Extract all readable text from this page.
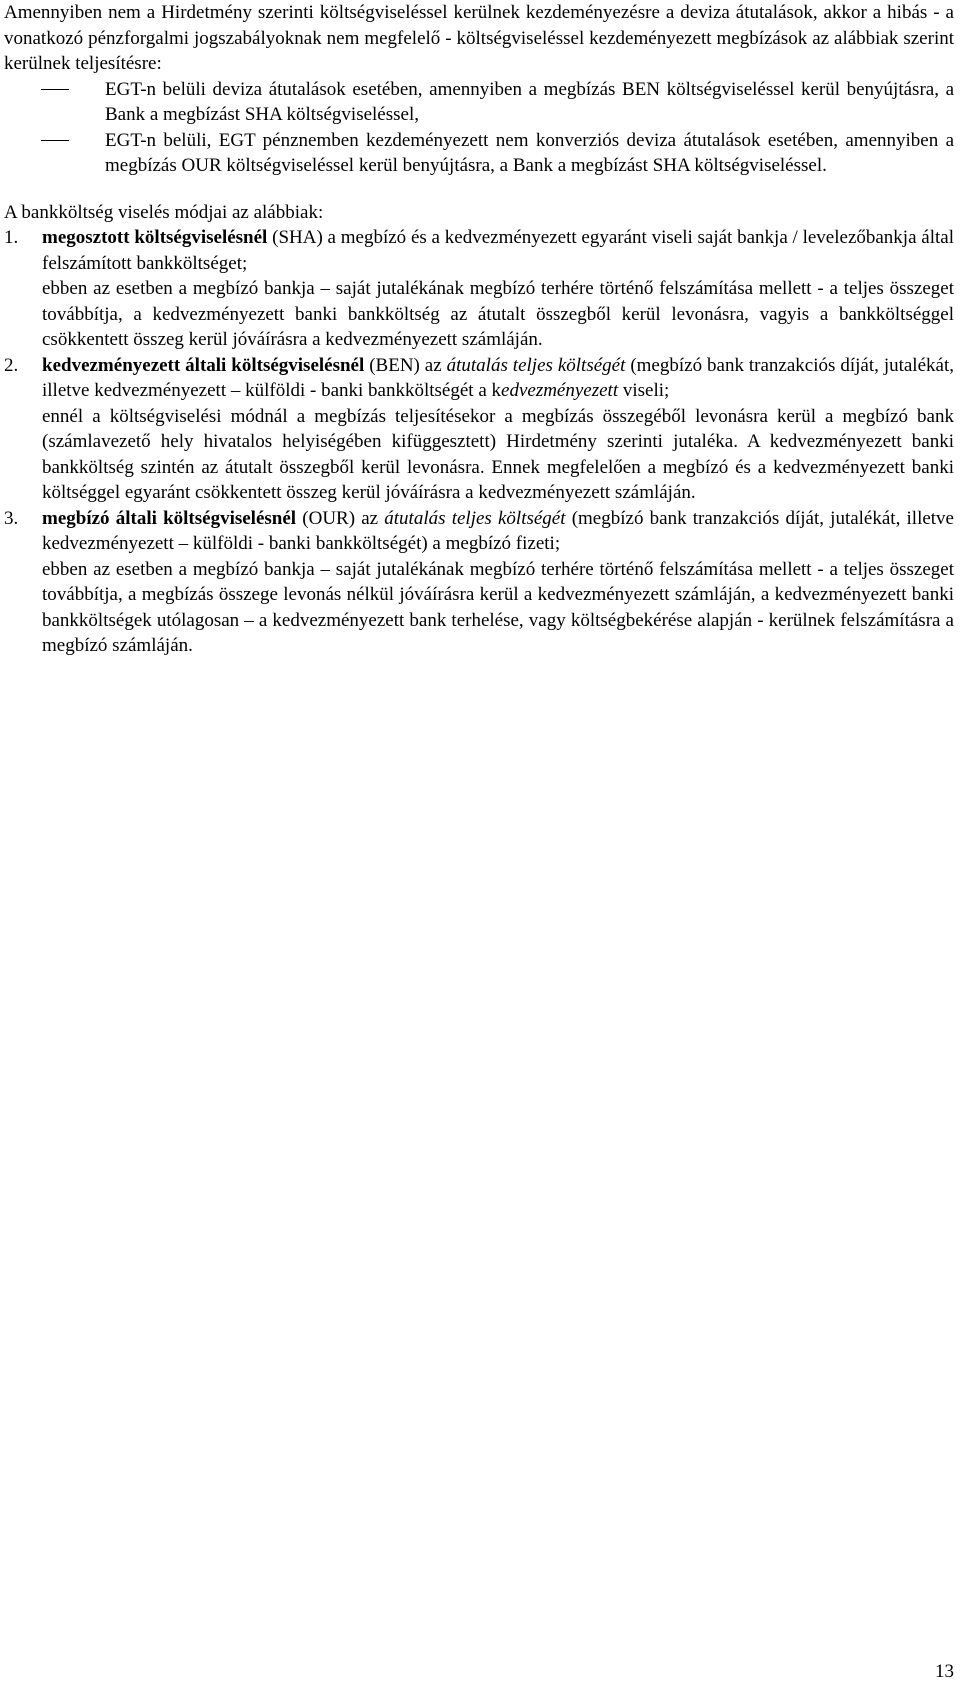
Amennyiben nem a Hirdetmény szerinti költségviseléssel kerülnek kezdeményezésre a deviza átutalások, akkor a hibás - a vonatkozó pénzforgalmi jogszabályoknak nem megfelelő - költségviseléssel kezdeményezett megbízások az alábbiak szerint kerülnek teljesítésre:

EGT-n belüli deviza átutalások esetében, amennyiben a megbízás BEN költségviseléssel kerül benyújtásra, a Bank a megbízást SHA költségviseléssel,

EGT-n belüli, EGT pénznemben kezdeményezett nem konverziós deviza átutalások esetében, amennyiben a megbízás OUR költségviseléssel kerül benyújtásra, a Bank a megbízást SHA költségviseléssel.

A bankköltség viselés módjai az alábbiak:

1. megosztott költségviselésnél (SHA) a megbízó és a kedvezményezett egyaránt viseli saját bankja / levelezőbankja által felszámított bankköltséget;

ebben az esetben a megbízó bankja – saját jutalékának megbízó terhére történő felszámítása mellett - a teljes összeget továbbítja, a kedvezményezett banki bankköltség az átutalt összegből kerül levonásra, vagyis a bankköltséggel csökkentett összeg kerül jóváírásra a kedvezményezett számláján.

2. kedvezményezett általi költségviselésnél (BEN) az átutalás teljes költségét (megbízó bank tranzakciós díját, jutalékát, illetve kedvezményezett – külföldi - banki bankköltségét a kedvezményezett viseli;

ennél a költségviselési módnál a megbízás teljesítésekor a megbízás összegéből levonásra kerül a megbízó bank (számlavezető hely hivatalos helyiségében kifüggesztett) Hirdetmény szerinti jutaléka. A kedvezményezett banki bankköltség szintén az átutalt összegből kerül levonásra. Ennek megfelelően a megbízó és a kedvezményezett banki költséggel egyaránt csökkentett összeg kerül jóváírásra a kedvezményezett számláján.

3. megbízó általi költségviselésnél (OUR) az átutalás teljes költségét (megbízó bank tranzakciós díját, jutalékát, illetve kedvezményezett – külföldi - banki bankköltségét) a megbízó fizeti;

ebben az esetben a megbízó bankja – saját jutalékának megbízó terhére történő felszámítása mellett - a teljes összeget továbbítja, a megbízás összege levonás nélkül jóváírásra kerül a kedvezményezett számláján, a kedvezményezett banki bankköltségek utólagosan – a kedvezményezett bank terhelése, vagy költségbekérése alapján - kerülnek felszámításra a megbízó számláján.

13
